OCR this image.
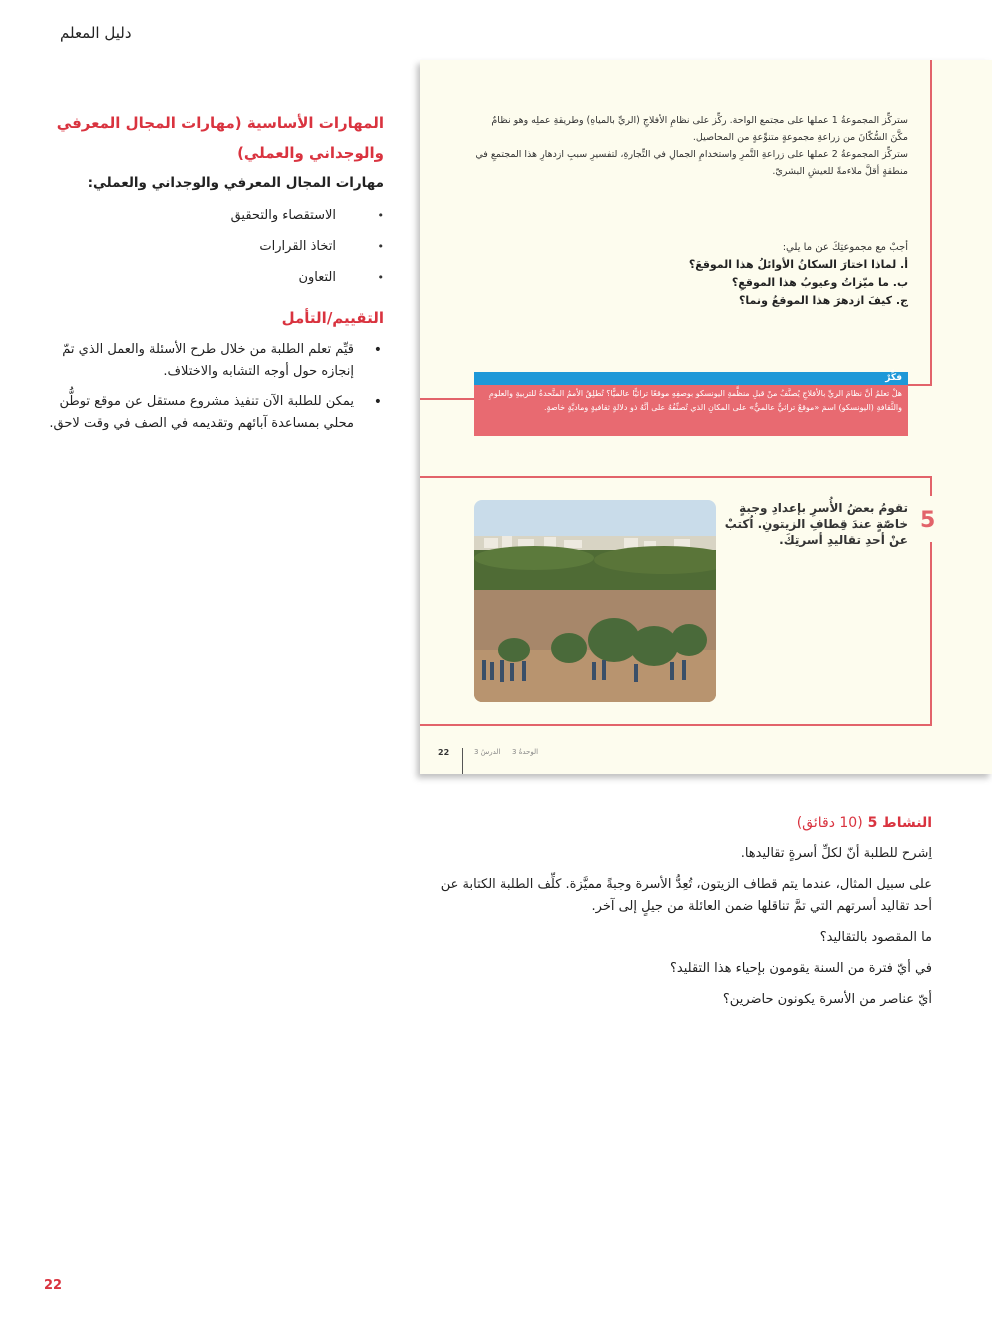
دليل المعلم
المهارات الأساسية (مهارات المجال المعرفي والوجداني والعملي)
مهارات المجال المعرفي والوجداني والعملي:
• الاستقصاء والتحقيق
• اتخاذ القرارات
• التعاون
التقييم/التأمل
• قيِّم تعلم الطلبة من خلال طرح الأسئلة والعمل الذي تمّ إنجازه حول أوجه التشابه والاختلاف.
• يمكن للطلبة الآن تنفيذ مشروع مستقل عن موقع توطُّن محلي بمساعدة آبائهم وتقديمه في الصف في وقت لاحق.

ستركِّز المجموعةُ 1 عملها على مجتمع الواحة. ركِّز على نظامِ الأفلاجِ (الريِّ بالمياهِ) وطريقةِ عملِه وهو نظامٌ مكَّنَ السُّكّانَ من زراعةِ مجموعةٍ متنوِّعةٍ من المحاصيل.

ستركِّز المجموعةُ 2 عملها على زراعةِ التَّمرِ واستخدامِ الجمالِ في التِّجارةِ، لتفسيرِ سببِ ازدهارِ هذا المجتمعِ في منطقةٍ أقلَّ ملاءمةً للعيشِ البشريّ.

أجبْ مع مجموعتِكَ عن ما يلي:

أ. لماذا اختارَ السكانُ الأوائلُ هذا الموقعَ؟

ب. ما ميّزاتُ وعيوبُ هذا الموقعِ؟

ج. كيفَ ازدهرَ هذا الموقعُ ونما؟

فكِّرْ
هلْ تعلمُ أنَّ نظامَ الريِّ بالأفلاجِ يُصنَّفُ منْ قبلِ منظَّمةِ اليونسكو بوصفِهِ موقعًا تراثيًّا عالميًّا؟ تُطلِقُ الأممُ المتَّحدةُ للتربيةِ والعلومِ والثَّقافةِ (اليونسكو) اسمَ «موقعٌ تراثيٌّ عالميٌّ» على المكانِ الذي تُصنِّفُهُ على أنَّهُ ذو دلالةٍ ثقافيةٍ وماديَّةٍ خاصةٍ.
5
تقومُ بعضُ الأُسرِ بإعدادِ وجبةٍ خاصّةٍ عندَ قِطافِ الزيتونِ. اُكتبْ عنْ أحدِ تقاليدِ أسرتِكَ.
22	الدرسُ 3 الوحدةُ 3
النشاط 5 (10 دقائق)

اِشرح للطلبة أنّ لكلِّ أسرةٍ تقاليدها.

على سبيل المثال، عندما يتم قطاف الزيتون، تُعِدُّ الأسرة وجبةً مميَّزة. كلِّف الطلبة الكتابة عن أحد تقاليد أسرتهم التي تمَّ تناقلها ضمن العائلة من جيلٍ إلى آخر.

ما المقصود بالتقاليد؟

في أيّ فترة من السنة يقومون بإحياء هذا التقليد؟

أيّ عناصر من الأسرة يكونون حاضرين؟

22
